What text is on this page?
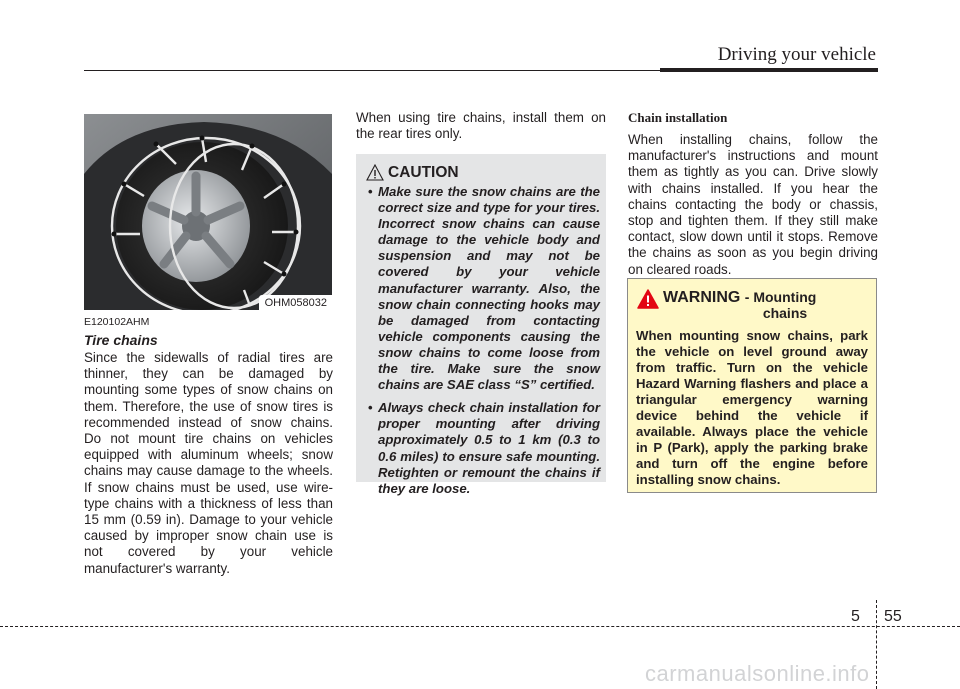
Driving your vehicle
OHM058032
E120102AHM
Tire chains
Since the sidewalls of radial tires are thinner, they can be damaged by mounting some types of snow chains on them. Therefore, the use of snow tires is recommended instead of snow chains. Do not mount tire chains on vehicles equipped with aluminum wheels; snow chains may cause damage to the wheels. If snow chains must be used, use wire-type chains with a thickness of less than 15 mm (0.59 in). Damage to your vehicle caused by improper snow chain use is not covered by your vehicle manufacturer's warranty.
When using tire chains, install them on the rear tires only.
CAUTION
• Make sure the snow chains are the correct size and type for your tires. Incorrect snow chains can cause damage to the vehicle body and suspension and may not be covered by your vehicle manufacturer warranty. Also, the snow chain connecting hooks may be damaged from contacting vehicle components causing the snow chains to come loose from the tire. Make sure the snow chains are SAE class “S” certified.
• Always check chain installation for proper mounting after driving approximately 0.5 to 1 km (0.3 to 0.6 miles) to ensure safe mounting. Retighten or remount the chains if they are loose.
Chain installation
When installing chains, follow the manufacturer's instructions and mount them as tightly as you can. Drive slowly with chains installed. If you hear the chains contacting the body or chassis, stop and tighten them. If they still make contact, slow down until it stops. Remove the chains as soon as you begin driving on cleared roads.
WARNING - Mounting
chains
When mounting snow chains, park the vehicle on level ground away from traffic. Turn on the vehicle Hazard Warning flashers and place a triangular emergency warning device behind the vehicle if available. Always place the vehicle in P (Park), apply the parking brake and turn off the engine before installing snow chains.
5 55
carmanualsonline.info
